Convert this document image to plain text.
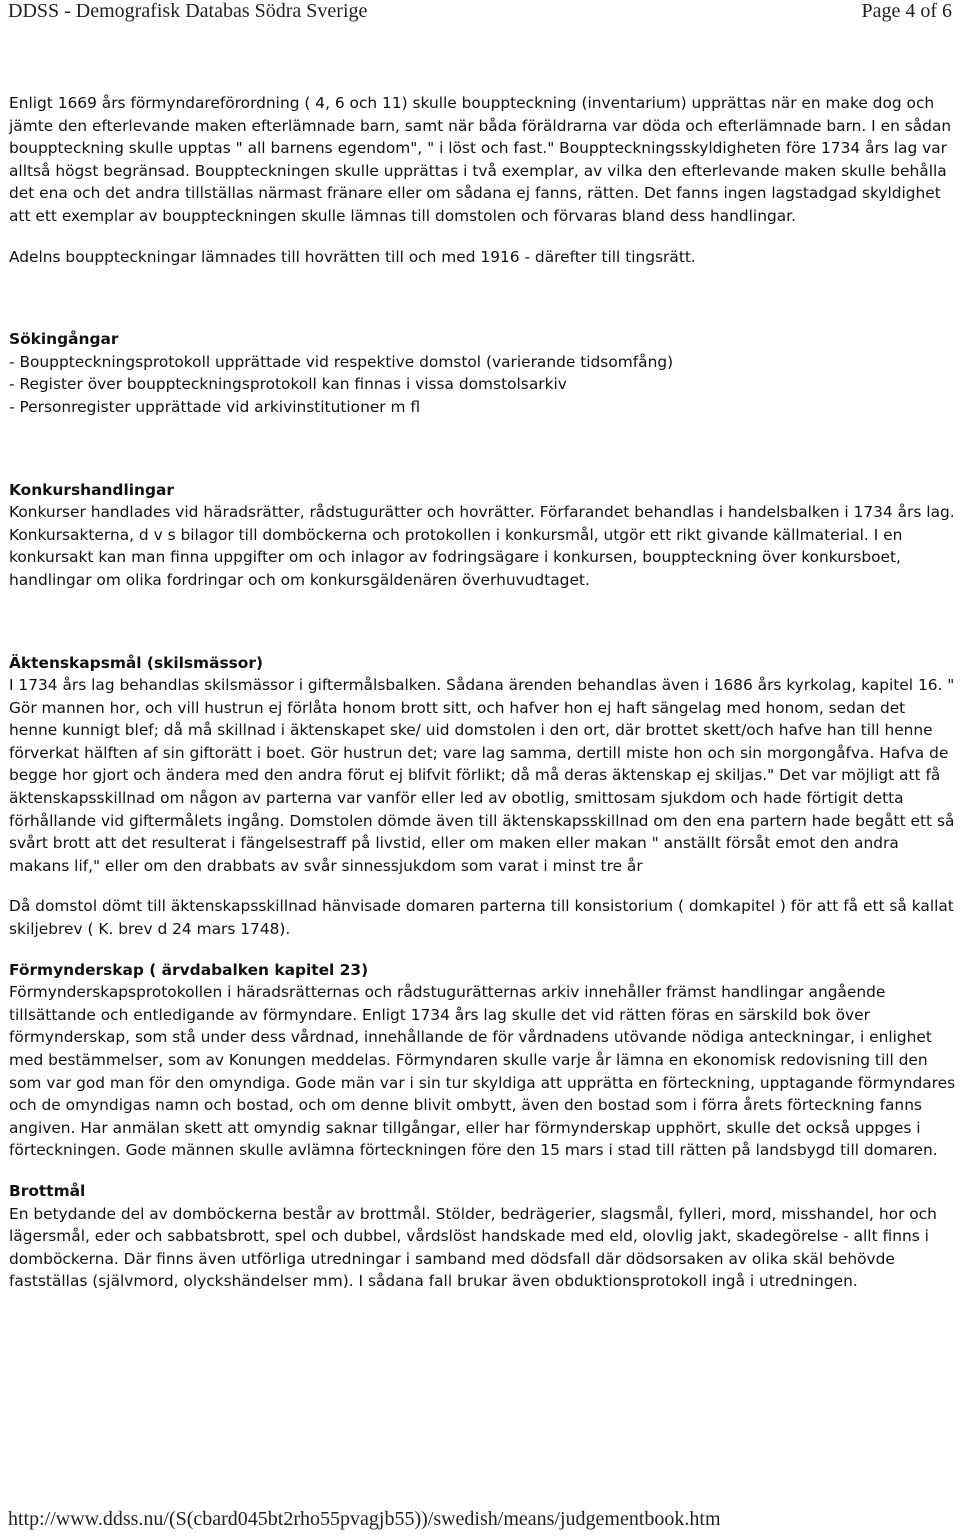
DDSS - Demografisk Databas Södra Sverige	Page 4 of 6

Enligt 1669 års förmyndareförordning ( 4, 6 och 11) skulle bouppteckning (inventarium) upprättas när en make dog och jämte den efterlevande maken efterlämnade barn, samt när båda föräldrarna var döda och efterlämnade barn. I en sådan bouppteckning skulle upptas " all barnens egendom", " i löst och fast." Bouppteckningsskyldigheten före 1734 års lag var alltså högst begränsad. Bouppteckningen skulle upprättas i två exemplar, av vilka den efterlevande maken skulle behålla det ena och det andra tillställas närmast fränare eller om sådana ej fanns, rätten. Det fanns ingen lagstadgad skyldighet att ett exemplar av bouppteckningen skulle lämnas till domstolen och förvaras bland dess handlingar.

Adelns bouppteckningar lämnades till hovrätten till och med 1916 - därefter till tingsrätt.

Sökingångar

- Bouppteckningsprotokoll upprättade vid respektive domstol (varierande tidsomfång)

- Register över bouppteckningsprotokoll kan finnas i vissa domstolsarkiv

- Personregister upprättade vid arkivinstitutioner m fl

Konkurshandlingar

Konkurser handlades vid häradsrätter, rådstugurätter och hovrätter. Förfarandet behandlas i handelsbalken i 1734 års lag. Konkursakterna, d v s bilagor till domböckerna och protokollen i konkursmål, utgör ett rikt givande källmaterial. I en konkursakt kan man finna uppgifter om och inlagor av fodringsägare i konkursen, bouppteckning över konkursboet, handlingar om olika fordringar och om konkursgäldenären överhuvudtaget.

Äktenskapsmål (skilsmässor)

I 1734 års lag behandlas skilsmässor i giftermålsbalken. Sådana ärenden behandlas även i 1686 års kyrkolag, kapitel 16. " Gör mannen hor, och vill hustrun ej förlåta honom brott sitt, och hafver hon ej haft sängelag med honom, sedan det henne kunnigt blef; då må skillnad i äktenskapet ske/ uid domstolen i den ort, där brottet skett/och hafve han till henne förverkat hälften af sin giftorätt i boet. Gör hustrun det; vare lag samma, dertill miste hon och sin morgongåfva. Hafva de begge hor gjort och ändera med den andra förut ej blifvit förlikt; då må deras äktenskap ej skiljas." Det var möjligt att få äktenskapsskillnad om någon av parterna var vanför eller led av obotlig, smittosam sjukdom och hade förtigit detta förhållande vid giftermålets ingång. Domstolen dömde även till äktenskapsskillnad om den ena partern hade begått ett så svårt brott att det resulterat i fängelsestraff på livstid, eller om maken eller makan " anställt försåt emot den andra makans lif," eller om den drabbats av svår sinnessjukdom som varat i minst tre år

Då domstol dömt till äktenskapsskillnad hänvisade domaren parterna till konsistorium ( domkapitel ) för att få ett så kallat skiljebrev ( K. brev d 24 mars 1748).

Förmynderskap ( ärvdabalken kapitel 23)

Förmynderskapsprotokollen i häradsrätternas och rådstugurätternas arkiv innehåller främst handlingar angående tillsättande och entledigande av förmyndare. Enligt 1734 års lag skulle det vid rätten föras en särskild bok över förmynderskap, som stå under dess vårdnad, innehållande de för vårdnadens utövande nödiga anteckningar, i enlighet med bestämmelser, som av Konungen meddelas. Förmyndaren skulle varje år lämna en ekonomisk redovisning till den som var god man för den omyndiga. Gode män var i sin tur skyldiga att upprätta en förteckning, upptagande förmyndares och de omyndigas namn och bostad, och om denne blivit ombytt, även den bostad som i förra årets förteckning fanns angiven. Har anmälan skett att omyndig saknar tillgångar, eller har förmynderskap upphört, skulle det också uppges i förteckningen. Gode männen skulle avlämna förteckningen före den 15 mars i stad till rätten på landsbygd till domaren.

Brottmål

En betydande del av domböckerna består av brottmål. Stölder, bedrägerier, slagsmål, fylleri, mord, misshandel, hor och lägersmål, eder och sabbatsbrott, spel och dubbel, vårdslöst handskade med eld, olovlig jakt, skadegörelse - allt finns i domböckerna. Där finns även utförliga utredningar i samband med dödsfall där dödsorsaken av olika skäl behövde fastställas (självmord, olyckshändelser mm). I sådana fall brukar även obduktionsprotokoll ingå i utredningen.

http://www.ddss.nu/(S(cbard045bt2rho55pvagjb55))/swedish/means/judgementbook.htm
